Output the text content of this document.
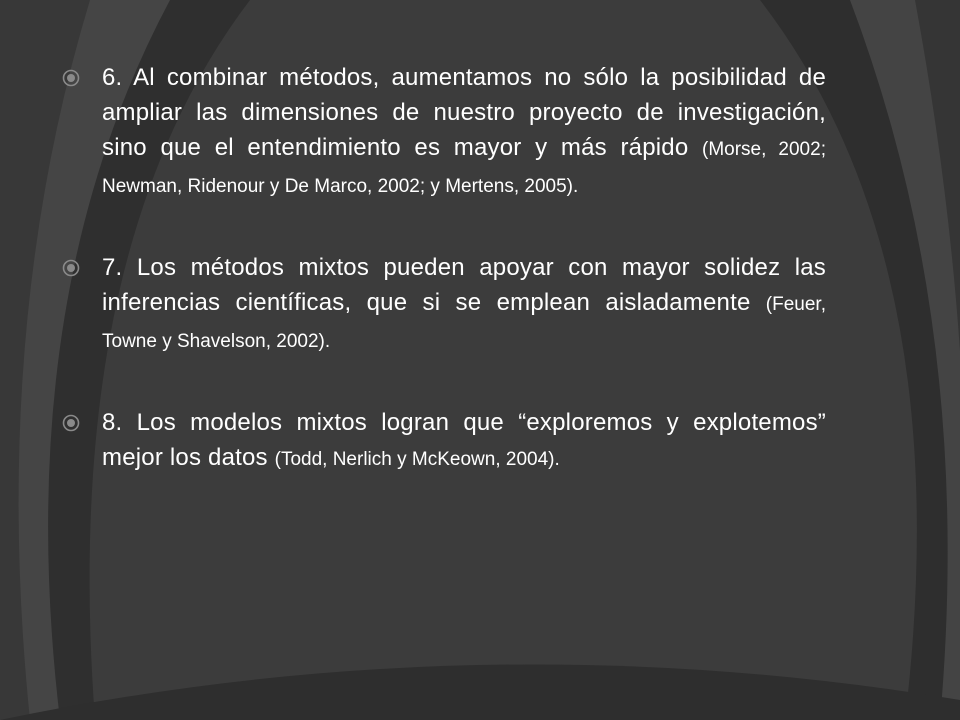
6. Al combinar métodos, aumentamos no sólo la posibilidad de ampliar las dimensiones de nuestro proyecto de investigación, sino que el entendimiento es mayor y más rápido (Morse, 2002; Newman, Ridenour y De Marco, 2002; y Mertens, 2005).
7. Los métodos mixtos pueden apoyar con mayor solidez las inferencias científicas, que si se emplean aisladamente (Feuer, Towne y Shavelson, 2002).
8. Los modelos mixtos logran que “exploremos y explotemos” mejor los datos (Todd, Nerlich y McKeown, 2004).
